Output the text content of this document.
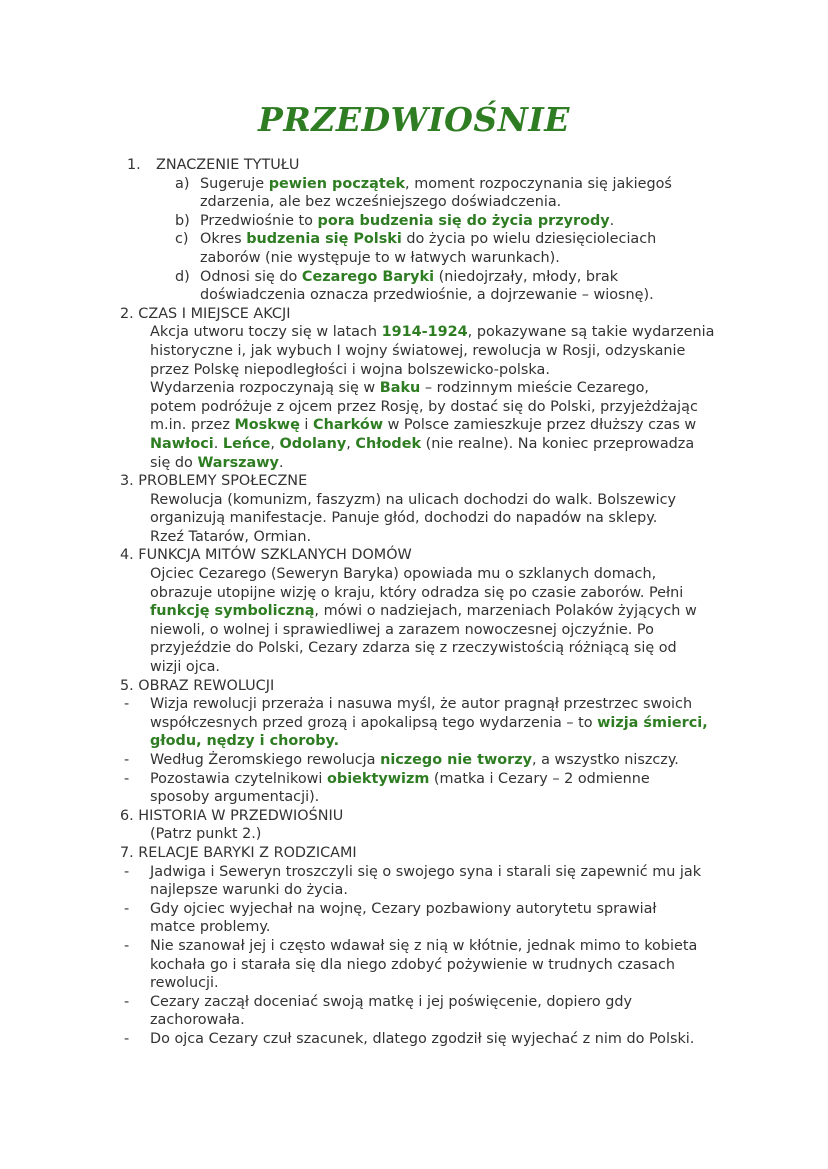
PRZEDWIOŚNIE

1. ZNACZENIE TYTUŁU

a) Sugeruje pewien początek, moment rozpoczynania się jakiegoś

zdarzenia, ale bez wcześniejszego doświadczenia.

b) Przedwiośnie to pora budzenia się do życia przyrody.

c) Okres budzenia się Polski do życia po wielu dziesięcioleciach

zaborów (nie występuje to w łatwych warunkach).

d) Odnosi się do Cezarego Baryki (niedojrzały, młody, brak

doświadczenia oznacza przedwiośnie, a dojrzewanie – wiosnę).

2. CZAS I MIEJSCE AKCJI

Akcja utworu toczy się w latach 1914-1924, pokazywane są takie wydarzenia

historyczne i, jak wybuch I wojny światowej, rewolucja w Rosji, odzyskanie

przez Polskę niepodległości i wojna bolszewicko-polska.

Wydarzenia rozpoczynają się w Baku – rodzinnym mieście Cezarego,

potem podróżuje z ojcem przez Rosję, by dostać się do Polski, przyjeżdżając

m.in. przez Moskwę i Charków w Polsce zamieszkuje przez dłuższy czas w

Nawłoci. Leńce, Odolany, Chłodek (nie realne). Na koniec przeprowadza

się do Warszawy.

3. PROBLEMY SPOŁECZNE

Rewolucja (komunizm, faszyzm) na ulicach dochodzi do walk. Bolszewicy

organizują manifestacje. Panuje głód, dochodzi do napadów na sklepy.

Rzeź Tatarów, Ormian.

4. FUNKCJA MITÓW SZKLANYCH DOMÓW

Ojciec Cezarego (Seweryn Baryka) opowiada mu o szklanych domach,

obrazuje utopijne wizję o kraju, który odradza się po czasie zaborów. Pełni

funkcję symboliczną, mówi o nadziejach, marzeniach Polaków żyjących w

niewoli, o wolnej i sprawiedliwej a zarazem nowoczesnej ojczyźnie. Po

przyjeździe do Polski, Cezary zdarza się z rzeczywistością różniącą się od

wizji ojca.

5. OBRAZ REWOLUCJI

- Wizja rewolucji przeraża i nasuwa myśl, że autor pragnął przestrzec swoich

współczesnych przed grozą i apokalipsą tego wydarzenia – to wizja śmierci,

głodu, nędzy i choroby.

- Według Żeromskiego rewolucja niczego nie tworzy, a wszystko niszczy.

- Pozostawia czytelnikowi obiektywizm (matka i Cezary – 2 odmienne

sposoby argumentacji).

6. HISTORIA W PRZEDWIOŚNIU

(Patrz punkt 2.)

7. RELACJE BARYKI Z RODZICAMI

- Jadwiga i Seweryn troszczyli się o swojego syna i starali się zapewnić mu jak

najlepsze warunki do życia.

- Gdy ojciec wyjechał na wojnę, Cezary pozbawiony autorytetu sprawiał

matce problemy.

- Nie szanował jej i często wdawał się z nią w kłótnie, jednak mimo to kobieta

kochała go i starała się dla niego zdobyć pożywienie w trudnych czasach

rewolucji.

- Cezary zaczął doceniać swoją matkę i jej poświęcenie, dopiero gdy

zachorowała.

- Do ojca Cezary czuł szacunek, dlatego zgodził się wyjechać z nim do Polski.
